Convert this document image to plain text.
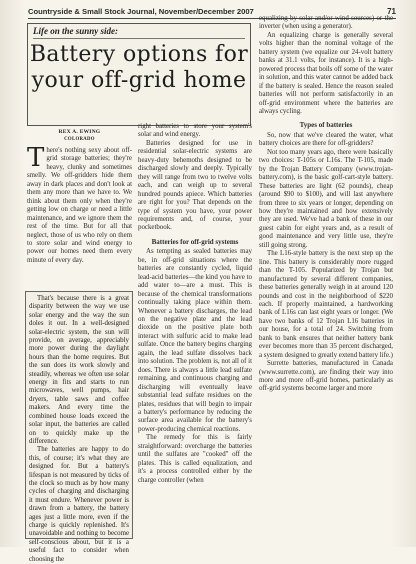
Countryside & Small Stock Journal, November/December 2007	71
Life on the sunny side:
Battery options for your off-grid home
REX A. EWING
COLORADO

There's nothing sexy about off-grid storage batteries; they're heavy, clunky and sometimes smelly. We off-gridders hide them away in dark places and don't look at them any more than we have to. We think about them only when they're getting low on charge or need a little maintenance, and we ignore them the rest of the time. But for all that neglect, those of us who rely on them to store solar and wind energy to power our homes need them every minute of every day.

That's because there is a great disparity between the way we use solar energy and the way the sun doles it out. In a well-designed solar-electric system, the sun will provide, on average, appreciably more power during the daylight hours than the home requires. But the sun does its work slowly and steadily, whereas we often use solar energy in fits and starts to run microwaves, well pumps, hair dryers, table saws and coffee makers. And every time the combined house loads exceed the solar input, the batteries are called on to quickly make up the difference.

The batteries are happy to do this, of course; it's what they are designed for. But a battery's lifespan is not measured by ticks of the clock so much as by how many cycles of charging and discharging it must endure. Whenever power is drawn from a battery, the battery ages just a little more, even if the charge is quickly replenished. It's unavoidable and nothing to become self-conscious about, but it is a useful fact to consider when choosing the

right batteries to store your system's solar and wind energy.

Batteries designed for use in residential solar-electric systems are heavy-duty behemoths designed to be discharged slowly and deeply. Typically they will range from two to twelve volts each, and can weigh up to several hundred pounds apiece. Which batteries are right for you? That depends on the type of system you have, your power requirements and, of course, your pocketbook.

Batteries for off-grid systems

As tempting as sealed batteries may be, in off-grid situations where the batteries are constantly cycled, liquid lead-acid batteries—the kind you have to add water to—are a must. This is because of the chemical transformations continually taking place within them. Whenever a battery discharges, the lead on the negative plate and the lead dioxide on the positive plate both interact with sulfuric acid to make lead sulfate. Once the battery begins charging again, the lead sulfate dissolves back into solution. The problem is, not all of it does. There is always a little lead sulfate remaining, and continuous charging and discharging will eventually leave substantial lead sulfate residues on the plates, residues that will begin to impair a battery's performance by reducing the surface area available for the battery's power-producing chemical reactions.

The remedy for this is fairly straightforward: overcharge the batteries until the sulfates are "cooked" off the plates. This is called equalization, and it's a process controlled either by the charge controller (when

equalizing by solar and/or wind sources) or the inverter (when using a generator).

An equalizing charge is generally several volts higher than the nominal voltage of the battery system (we equalize our 24-volt battery banks at 31.1 volts, for instance). It is a high-powered process that boils off some of the water in solution, and this water cannot be added back if the battery is sealed. Hence the reason sealed batteries will not perform satisfactorily in an off-grid environment where the batteries are always cycling.

Types of batteries

So, now that we've cleared the water, what battery choices are there for off-gridders?

Not too many years ago, there were basically two choices: T-105s or L16s. The T-105, made by the Trojan Battery Company (www.trojan-battery.com), is the basic golf-cart-style battery. These batteries are light (62 pounds), cheap (around $90 to $100), and will last anywhere from three to six years or longer, depending on how they're maintained and how extensively they are used. We've had a bank of these in our guest cabin for eight years and, as a result of good maintenance and very little use, they're still going strong.

The L16-style battery is the next step up the line. This battery is considerably more rugged than the T-105. Popularized by Trojan but manufactured by several different companies, these batteries generally weigh in at around 120 pounds and cost in the neighborhood of $220 each. If properly maintained, a hardworking bank of L16s can last eight years or longer. (We have two banks of 12 Trojan L16 batteries in our house, for a total of 24. Switching from bank to bank ensures that neither battery bank ever becomes more than 35 percent discharged, a system designed to greatly extend battery life.)

Surrette batteries, manufactured in Canada (www.surrette.com), are finding their way into more and more off-grid homes, particularly as off-grid systems become larger and more
